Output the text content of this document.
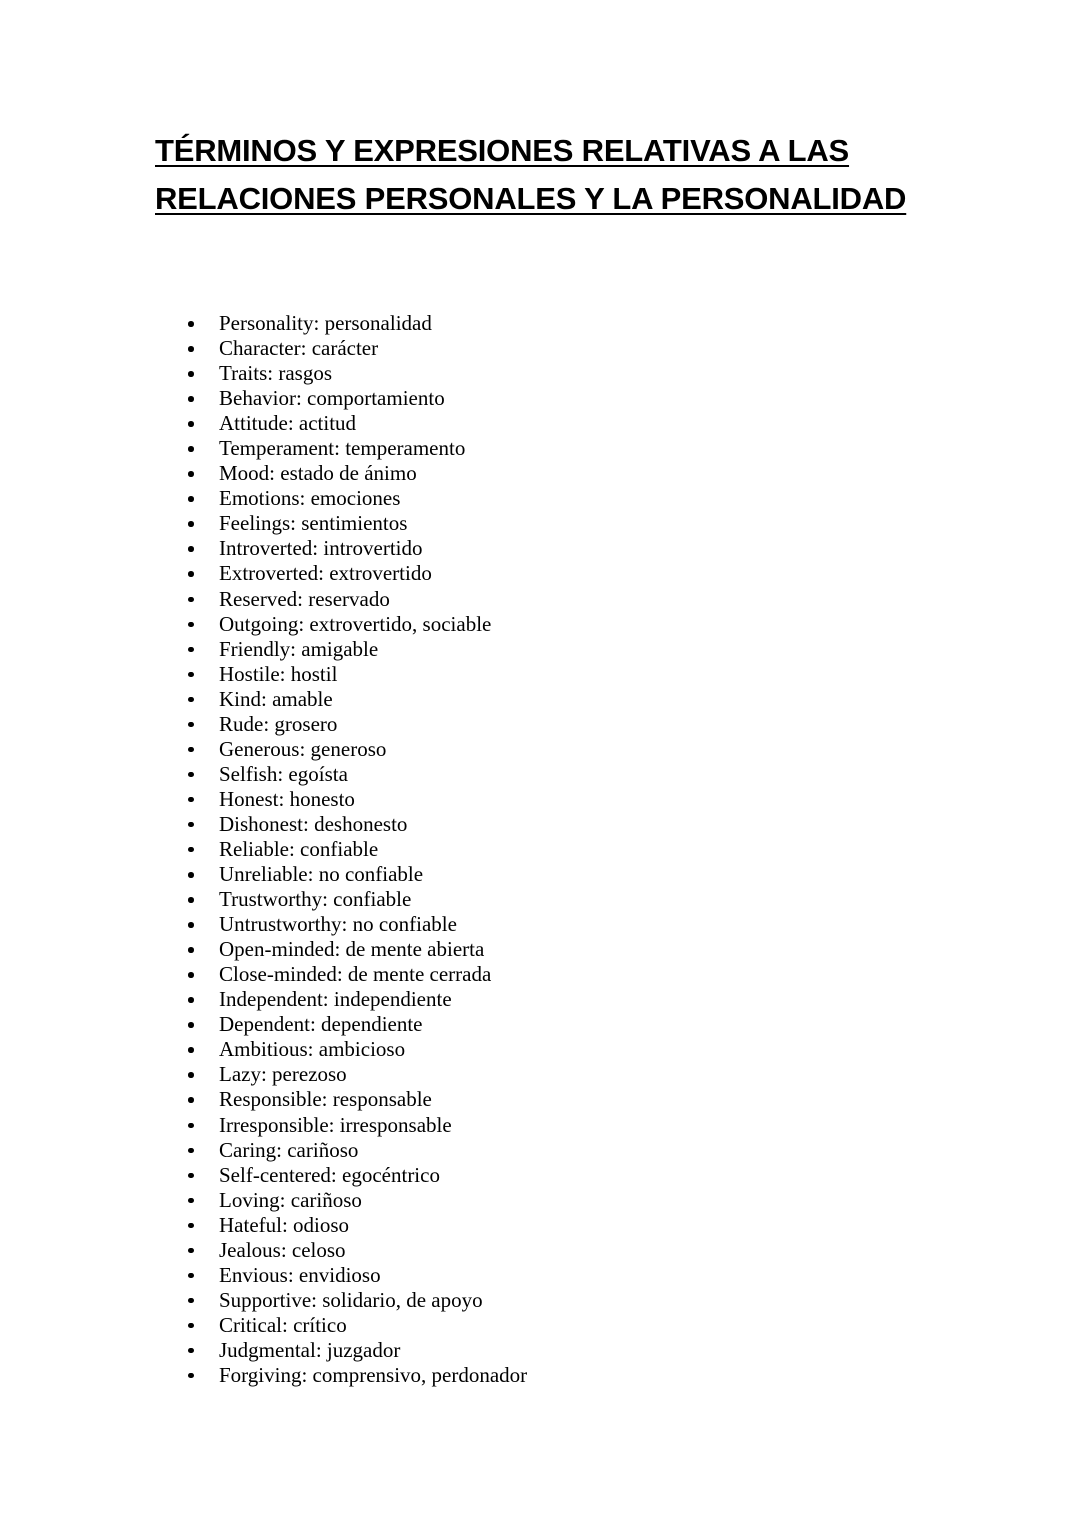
TÉRMINOS Y EXPRESIONES RELATIVAS A LAS
RELACIONES PERSONALES Y LA PERSONALIDAD
Personality: personalidad
Character: carácter
Traits: rasgos
Behavior: comportamiento
Attitude: actitud
Temperament: temperamento
Mood: estado de ánimo
Emotions: emociones
Feelings: sentimientos
Introverted: introvertido
Extroverted: extrovertido
Reserved: reservado
Outgoing: extrovertido, sociable
Friendly: amigable
Hostile: hostil
Kind: amable
Rude: grosero
Generous: generoso
Selfish: egoísta
Honest: honesto
Dishonest: deshonesto
Reliable: confiable
Unreliable: no confiable
Trustworthy: confiable
Untrustworthy: no confiable
Open-minded: de mente abierta
Close-minded: de mente cerrada
Independent: independiente
Dependent: dependiente
Ambitious: ambicioso
Lazy: perezoso
Responsible: responsable
Irresponsible: irresponsable
Caring: cariñoso
Self-centered: egocéntrico
Loving: cariñoso
Hateful: odioso
Jealous: celoso
Envious: envidioso
Supportive: solidario, de apoyo
Critical: crítico
Judgmental: juzgador
Forgiving: comprensivo, perdonador
